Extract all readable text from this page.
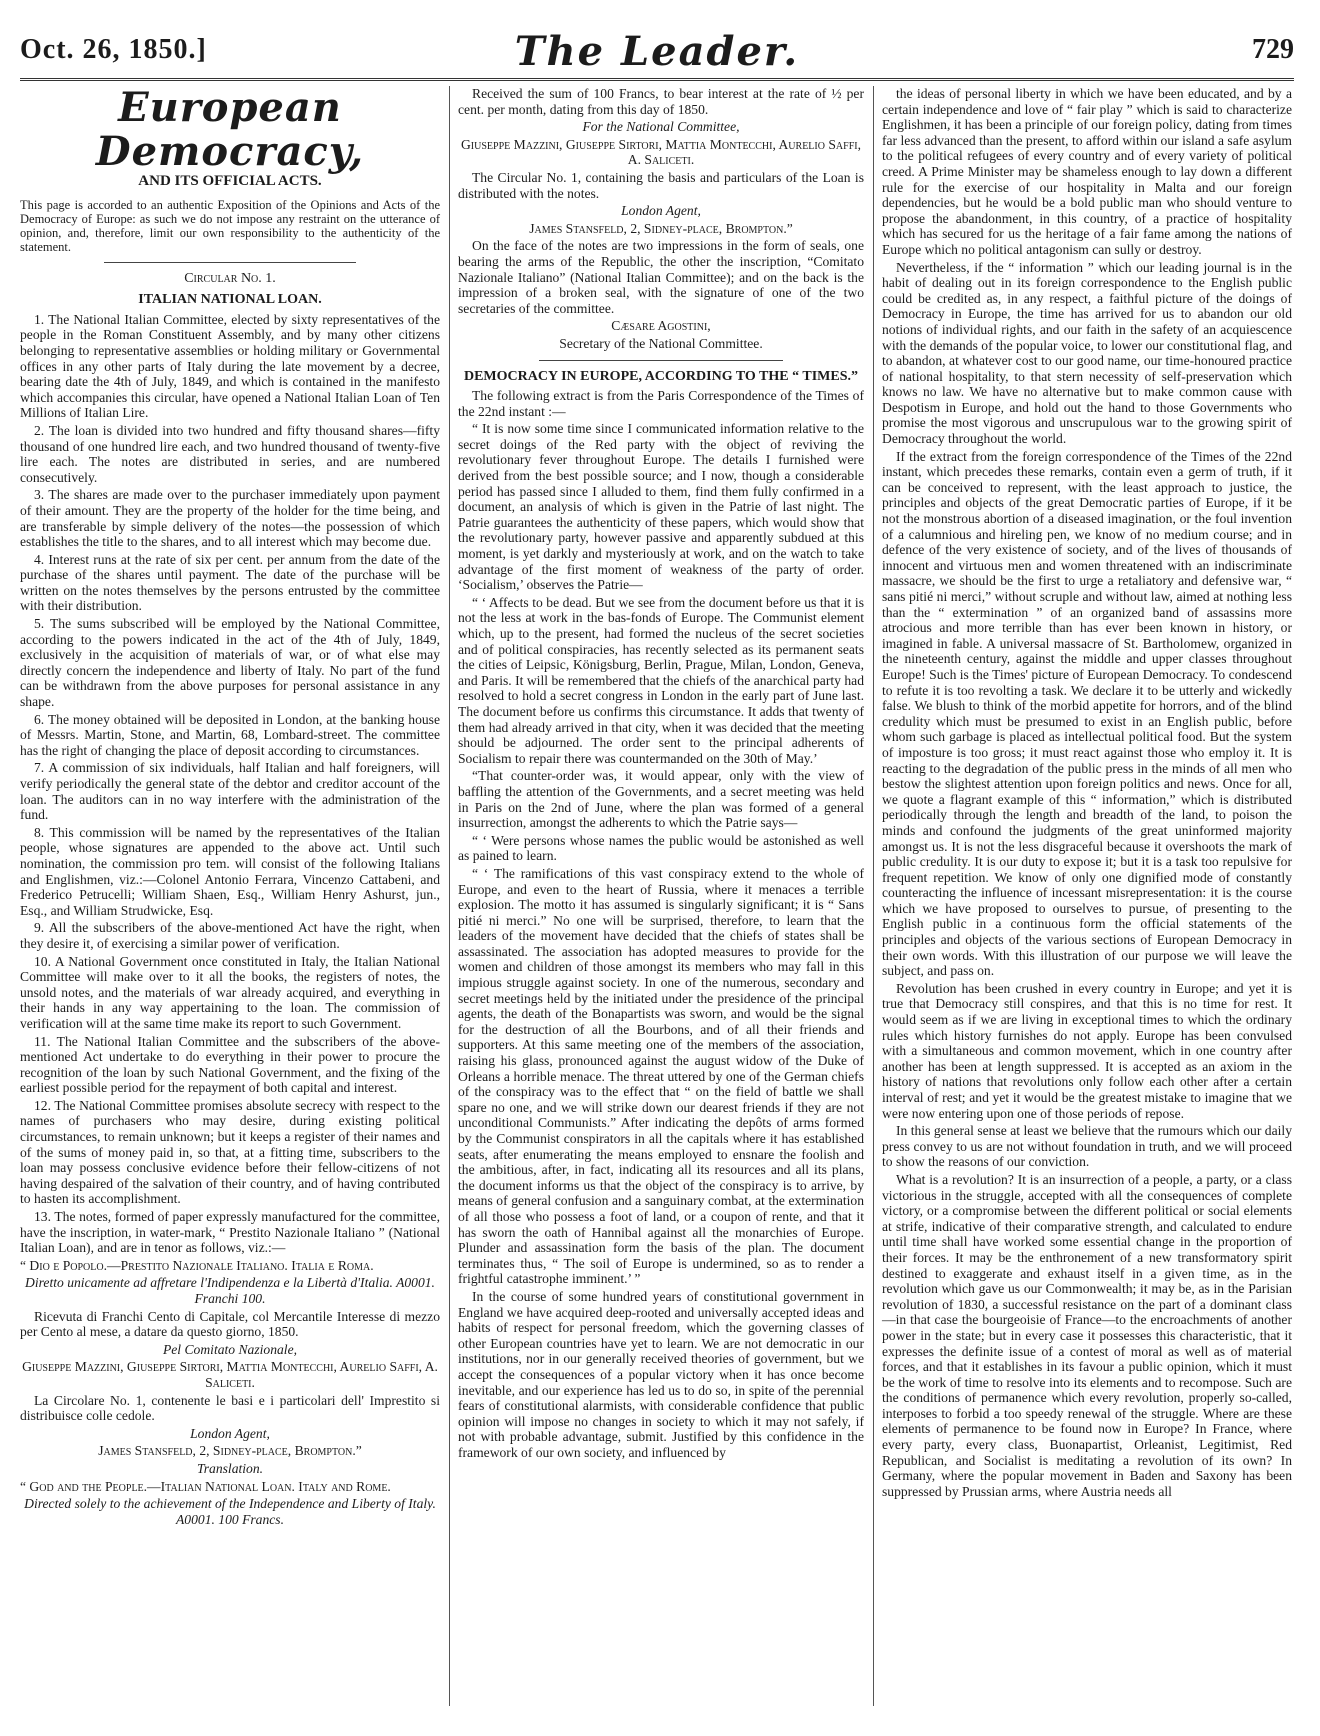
Oct. 26, 1850.]	The Leader.	729
European Democracy,
AND ITS OFFICIAL ACTS.

This page is accorded to an authentic Exposition of the Opinions and Acts of the Democracy of Europe: as such we do not impose any restraint on the utterance of opinion, and, therefore, limit our own responsibility to the authenticity of the statement.

Circular No. 1.
ITALIAN NATIONAL LOAN.

1. The National Italian Committee, elected by sixty representatives of the people in the Roman Constituent Assembly, and by many other citizens belonging to representative assemblies or holding military or Governmental offices in any other parts of Italy during the late movement by a decree, bearing date the 4th of July, 1849, and which is contained in the manifesto which accompanies this circular, have opened a National Italian Loan of Ten Millions of Italian Lire.

2. The loan is divided into two hundred and fifty thousand shares—fifty thousand of one hundred lire each, and two hundred thousand of twenty-five lire each. The notes are distributed in series, and are numbered consecutively.

3. The shares are made over to the purchaser immediately upon payment of their amount. They are the property of the holder for the time being, and are transferable by simple delivery of the notes—the possession of which establishes the title to the shares, and to all interest which may become due.

4. Interest runs at the rate of six per cent. per annum from the date of the purchase of the shares until payment. The date of the purchase will be written on the notes themselves by the persons entrusted by the committee with their distribution.

5. The sums subscribed will be employed by the National Committee, according to the powers indicated in the act of the 4th of July, 1849, exclusively in the acquisition of materials of war, or of what else may directly concern the independence and liberty of Italy. No part of the fund can be withdrawn from the above purposes for personal assistance in any shape.

6. The money obtained will be deposited in London, at the banking house of Messrs. Martin, Stone, and Martin, 68, Lombard-street. The committee has the right of changing the place of deposit according to circumstances.

7. A commission of six individuals, half Italian and half foreigners, will verify periodically the general state of the debtor and creditor account of the loan. The auditors can in no way interfere with the administration of the fund.

8. This commission will be named by the representatives of the Italian people, whose signatures are appended to the above act. Until such nomination, the commission pro tem. will consist of the following Italians and Englishmen, viz.:—Colonel Antonio Ferrara, Vincenzo Cattabeni, and Frederico Petrucelli; William Shaen, Esq., William Henry Ashurst, jun., Esq., and William Strudwicke, Esq.

9. All the subscribers of the above-mentioned Act have the right, when they desire it, of exercising a similar power of verification.

10. A National Government once constituted in Italy, the Italian National Committee will make over to it all the books, the registers of notes, the unsold notes, and the materials of war already acquired, and everything in their hands in any way appertaining to the loan. The commission of verification will at the same time make its report to such Government.

11. The National Italian Committee and the subscribers of the above-mentioned Act undertake to do everything in their power to procure the recognition of the loan by such National Government, and the fixing of the earliest possible period for the repayment of both capital and interest.

12. The National Committee promises absolute secrecy with respect to the names of purchasers who may desire, during existing political circumstances, to remain unknown; but it keeps a register of their names and of the sums of money paid in, so that, at a fitting time, subscribers to the loan may possess conclusive evidence before their fellow-citizens of not having despaired of the salvation of their country, and of having contributed to hasten its accomplishment.

13. The notes, formed of paper expressly manufactured for the committee, have the inscription, in water-mark, “ Prestito Nazionale Italiano ” (National Italian Loan), and are in tenor as follows, viz.:—

“ Dio e Popolo.—Prestito Nazionale Italiano. Italia e Roma.

Diretto unicamente ad affretare l'Indipendenza e la Libertà d'Italia. A0001. Franchi 100.

Ricevuta di Franchi Cento di Capitale, col Mercantile Interesse di mezzo per Cento al mese, a datare da questo giorno, 1850.

Pel Comitato Nazionale,

Giuseppe Mazzini, Giuseppe Sirtori, Mattia Montecchi, Aurelio Saffi, A. Saliceti.

La Circolare No. 1, contenente le basi e i particolari dell' Imprestito si distribuisce colle cedole.

London Agent,

James Stansfeld, 2, Sidney-place, Brompton.”

Translation.

“ God and the People.—Italian National Loan. Italy and Rome.

Directed solely to the achievement of the Independence and Liberty of Italy. A0001. 100 Francs.

Received the sum of 100 Francs, to bear interest at the rate of ½ per cent. per month, dating from this day of 1850.

For the National Committee,

Giuseppe Mazzini, Giuseppe Sirtori, Mattia Montecchi, Aurelio Saffi, A. Saliceti.

The Circular No. 1, containing the basis and particulars of the Loan is distributed with the notes.

London Agent,

James Stansfeld, 2, Sidney-place, Brompton.”

On the face of the notes are two impressions in the form of seals, one bearing the arms of the Republic, the other the inscription, “Comitato Nazionale Italiano” (National Italian Committee); and on the back is the impression of a broken seal, with the signature of one of the two secretaries of the committee.

Cæsare Agostini,

Secretary of the National Committee.

DEMOCRACY IN EUROPE, ACCORDING TO THE “ TIMES.”

The following extract is from the Paris Correspondence of the Times of the 22nd instant :—

“ It is now some time since I communicated information relative to the secret doings of the Red party with the object of reviving the revolutionary fever throughout Europe. The details I furnished were derived from the best possible source; and I now, though a considerable period has passed since I alluded to them, find them fully confirmed in a document, an analysis of which is given in the Patrie of last night. The Patrie guarantees the authenticity of these papers, which would show that the revolutionary party, however passive and apparently subdued at this moment, is yet darkly and mysteriously at work, and on the watch to take advantage of the first moment of weakness of the party of order. ‘Socialism,’ observes the Patrie—

“ ‘ Affects to be dead. But we see from the document before us that it is not the less at work in the bas-fonds of Europe. The Communist element which, up to the present, had formed the nucleus of the secret societies and of political conspiracies, has recently selected as its permanent seats the cities of Leipsic, Königsburg, Berlin, Prague, Milan, London, Geneva, and Paris. It will be remembered that the chiefs of the anarchical party had resolved to hold a secret congress in London in the early part of June last. The document before us confirms this circumstance. It adds that twenty of them had already arrived in that city, when it was decided that the meeting should be adjourned. The order sent to the principal adherents of Socialism to repair there was countermanded on the 30th of May.’

“That counter-order was, it would appear, only with the view of baffling the attention of the Governments, and a secret meeting was held in Paris on the 2nd of June, where the plan was formed of a general insurrection, amongst the adherents to which the Patrie says—

“ ‘ Were persons whose names the public would be astonished as well as pained to learn.

“ ‘ The ramifications of this vast conspiracy extend to the whole of Europe, and even to the heart of Russia, where it menaces a terrible explosion. The motto it has assumed is singularly significant; it is “ Sans pitié ni merci.” No one will be surprised, therefore, to learn that the leaders of the movement have decided that the chiefs of states shall be assassinated. The association has adopted measures to provide for the women and children of those amongst its members who may fall in this impious struggle against society. In one of the numerous, secondary and secret meetings held by the initiated under the presidence of the principal agents, the death of the Bonapartists was sworn, and would be the signal for the destruction of all the Bourbons, and of all their friends and supporters. At this same meeting one of the members of the association, raising his glass, pronounced against the august widow of the Duke of Orleans a horrible menace. The threat uttered by one of the German chiefs of the conspiracy was to the effect that “ on the field of battle we shall spare no one, and we will strike down our dearest friends if they are not unconditional Communists.” After indicating the depôts of arms formed by the Communist conspirators in all the capitals where it has established seats, after enumerating the means employed to ensnare the foolish and the ambitious, after, in fact, indicating all its resources and all its plans, the document informs us that the object of the conspiracy is to arrive, by means of general confusion and a sanguinary combat, at the extermination of all those who possess a foot of land, or a coupon of rente, and that it has sworn the oath of Hannibal against all the monarchies of Europe. Plunder and assassination form the basis of the plan. The document terminates thus, “ The soil of Europe is undermined, so as to render a frightful catastrophe imminent.’ ”

In the course of some hundred years of constitutional government in England we have acquired deep-rooted and universally accepted ideas and habits of respect for personal freedom, which the governing classes of other European countries have yet to learn. We are not democratic in our institutions, nor in our generally received theories of government, but we accept the consequences of a popular victory when it has once become inevitable, and our experience has led us to do so, in spite of the perennial fears of constitutional alarmists, with considerable confidence that public opinion will impose no changes in society to which it may not safely, if not with probable advantage, submit. Justified by this confidence in the framework of our own society, and influenced by

the ideas of personal liberty in which we have been educated, and by a certain independence and love of “ fair play ” which is said to characterize Englishmen, it has been a principle of our foreign policy, dating from times far less advanced than the present, to afford within our island a safe asylum to the political refugees of every country and of every variety of political creed. A Prime Minister may be shameless enough to lay down a different rule for the exercise of our hospitality in Malta and our foreign dependencies, but he would be a bold public man who should venture to propose the abandonment, in this country, of a practice of hospitality which has secured for us the heritage of a fair fame among the nations of Europe which no political antagonism can sully or destroy.

Nevertheless, if the “ information ” which our leading journal is in the habit of dealing out in its foreign correspondence to the English public could be credited as, in any respect, a faithful picture of the doings of Democracy in Europe, the time has arrived for us to abandon our old notions of individual rights, and our faith in the safety of an acquiescence with the demands of the popular voice, to lower our constitutional flag, and to abandon, at whatever cost to our good name, our time-honoured practice of national hospitality, to that stern necessity of self-preservation which knows no law. We have no alternative but to make common cause with Despotism in Europe, and hold out the hand to those Governments who promise the most vigorous and unscrupulous war to the growing spirit of Democracy throughout the world.

If the extract from the foreign correspondence of the Times of the 22nd instant, which precedes these remarks, contain even a germ of truth, if it can be conceived to represent, with the least approach to justice, the principles and objects of the great Democratic parties of Europe, if it be not the monstrous abortion of a diseased imagination, or the foul invention of a calumnious and hireling pen, we know of no medium course; and in defence of the very existence of society, and of the lives of thousands of innocent and virtuous men and women threatened with an indiscriminate massacre, we should be the first to urge a retaliatory and defensive war, “ sans pitié ni merci,” without scruple and without law, aimed at nothing less than the “ extermination ” of an organized band of assassins more atrocious and more terrible than has ever been known in history, or imagined in fable. A universal massacre of St. Bartholomew, organized in the nineteenth century, against the middle and upper classes throughout Europe! Such is the Times' picture of European Democracy. To condescend to refute it is too revolting a task. We declare it to be utterly and wickedly false. We blush to think of the morbid appetite for horrors, and of the blind credulity which must be presumed to exist in an English public, before whom such garbage is placed as intellectual political food. But the system of imposture is too gross; it must react against those who employ it. It is reacting to the degradation of the public press in the minds of all men who bestow the slightest attention upon foreign politics and news. Once for all, we quote a flagrant example of this “ information,” which is distributed periodically through the length and breadth of the land, to poison the minds and confound the judgments of the great uninformed majority amongst us. It is not the less disgraceful because it overshoots the mark of public credulity. It is our duty to expose it; but it is a task too repulsive for frequent repetition. We know of only one dignified mode of constantly counteracting the influence of incessant misrepresentation: it is the course which we have proposed to ourselves to pursue, of presenting to the English public in a continuous form the official statements of the principles and objects of the various sections of European Democracy in their own words. With this illustration of our purpose we will leave the subject, and pass on.

Revolution has been crushed in every country in Europe; and yet it is true that Democracy still conspires, and that this is no time for rest. It would seem as if we are living in exceptional times to which the ordinary rules which history furnishes do not apply. Europe has been convulsed with a simultaneous and common movement, which in one country after another has been at length suppressed. It is accepted as an axiom in the history of nations that revolutions only follow each other after a certain interval of rest; and yet it would be the greatest mistake to imagine that we were now entering upon one of those periods of repose.

In this general sense at least we believe that the rumours which our daily press convey to us are not without foundation in truth, and we will proceed to show the reasons of our conviction.

What is a revolution? It is an insurrection of a people, a party, or a class victorious in the struggle, accepted with all the consequences of complete victory, or a compromise between the different political or social elements at strife, indicative of their comparative strength, and calculated to endure until time shall have worked some essential change in the proportion of their forces. It may be the enthronement of a new transformatory spirit destined to exaggerate and exhaust itself in a given time, as in the revolution which gave us our Commonwealth; it may be, as in the Parisian revolution of 1830, a successful resistance on the part of a dominant class—in that case the bourgeoisie of France—to the encroachments of another power in the state; but in every case it possesses this characteristic, that it expresses the definite issue of a contest of moral as well as of material forces, and that it establishes in its favour a public opinion, which it must be the work of time to resolve into its elements and to recompose. Such are the conditions of permanence which every revolution, properly so-called, interposes to forbid a too speedy renewal of the struggle. Where are these elements of permanence to be found now in Europe? In France, where every party, every class, Buonapartist, Orleanist, Legitimist, Red Republican, and Socialist is meditating a revolution of its own? In Germany, where the popular movement in Baden and Saxony has been suppressed by Prussian arms, where Austria needs all
